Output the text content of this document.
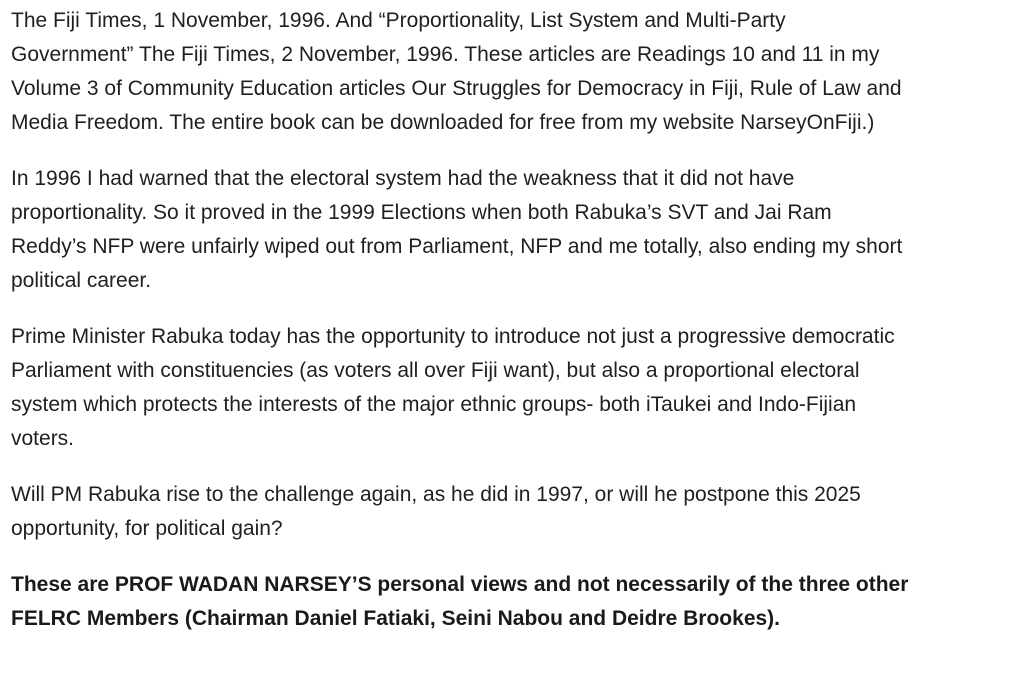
The Fiji Times, 1 November, 1996. And “Proportionality, List System and Multi-Party
Government” The Fiji Times, 2 November, 1996. These articles are Readings 10 and 11 in my
Volume 3 of Community Education articles Our Struggles for Democracy in Fiji, Rule of Law and
Media Freedom. The entire book can be downloaded for free from my website NarseyOnFiji.)

In 1996 I had warned that the electoral system had the weakness that it did not have
proportionality. So it proved in the 1999 Elections when both Rabuka’s SVT and Jai Ram
Reddy’s NFP were unfairly wiped out from Parliament, NFP and me totally, also ending my short
political career.

Prime Minister Rabuka today has the opportunity to introduce not just a progressive democratic
Parliament with constituencies (as voters all over Fiji want), but also a proportional electoral
system which protects the interests of the major ethnic groups- both iTaukei and Indo-Fijian
voters.

Will PM Rabuka rise to the challenge again, as he did in 1997, or will he postpone this 2025
opportunity, for political gain?

These are PROF WADAN NARSEY’S personal views and not necessarily of the three other
FELRC Members (Chairman Daniel Fatiaki, Seini Nabou and Deidre Brookes).
